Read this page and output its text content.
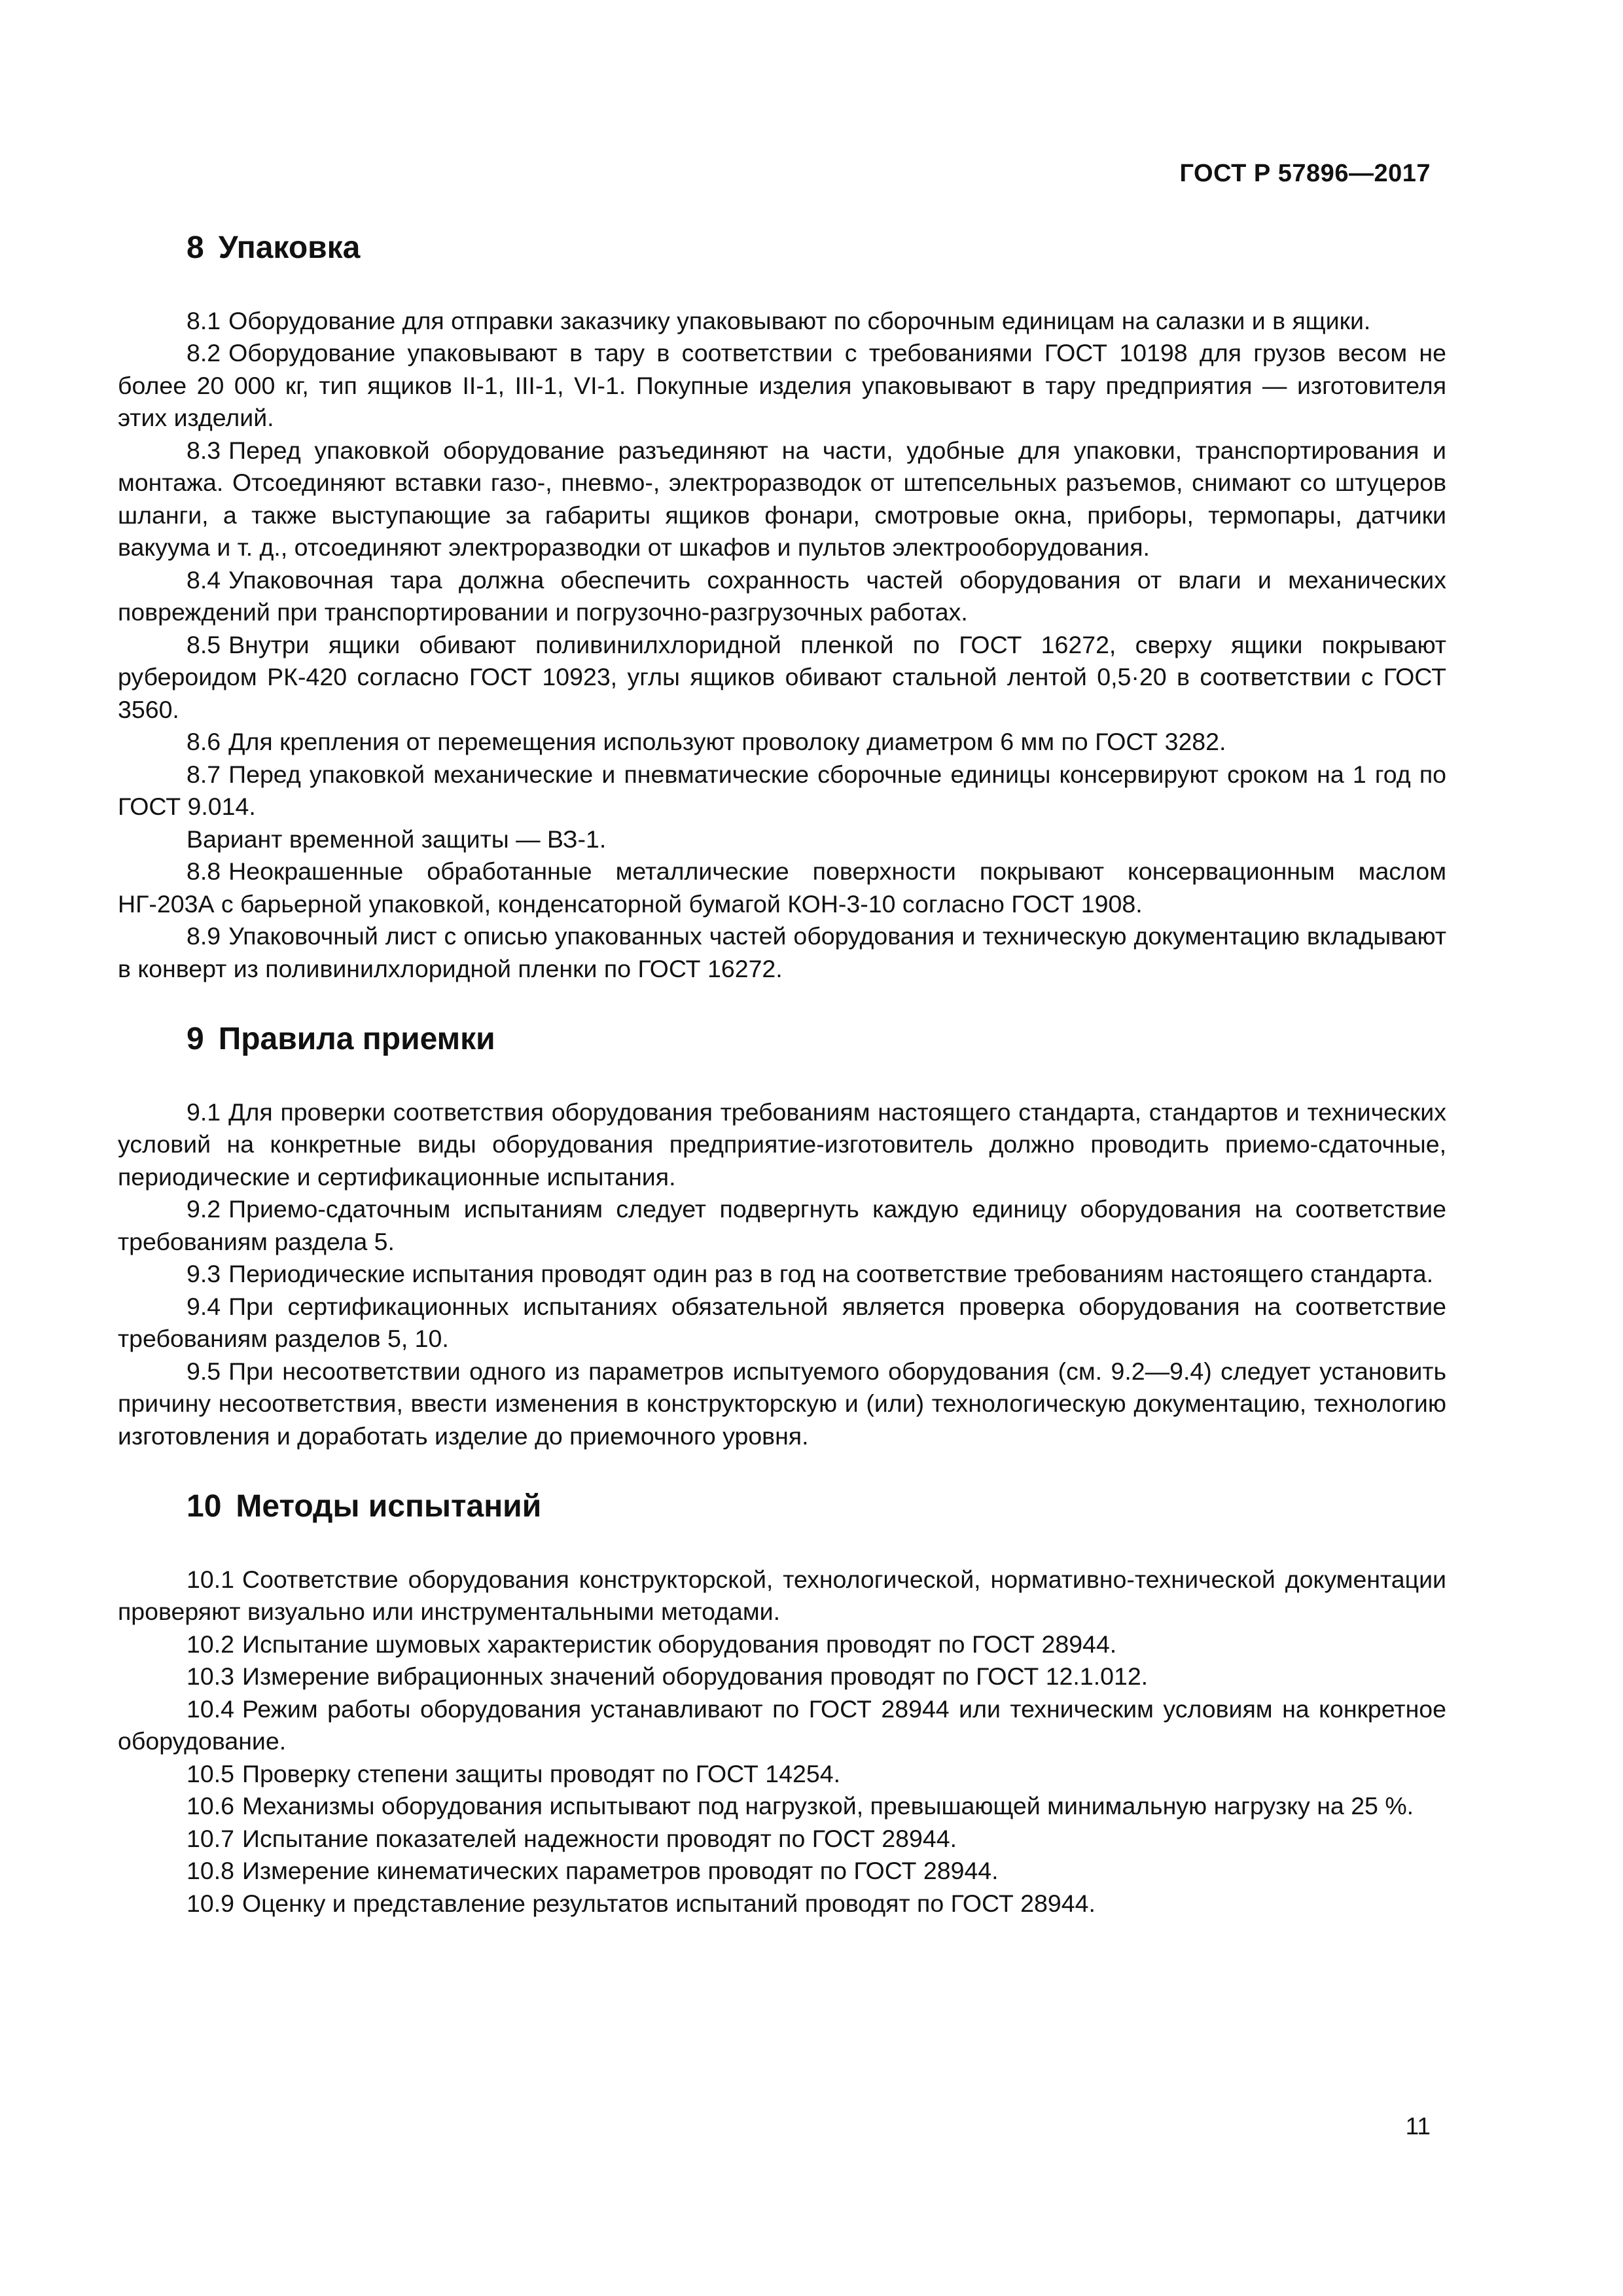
ГОСТ Р 57896—2017
8 Упаковка

8.1 Оборудование для отправки заказчику упаковывают по сборочным единицам на салазки и в ящики.

8.2 Оборудование упаковывают в тару в соответствии с требованиями ГОСТ 10198 для грузов весом не более 20 000 кг, тип ящиков II-1, III-1, VI-1. Покупные изделия упаковывают в тару предприятия — изготовителя этих изделий.

8.3 Перед упаковкой оборудование разъединяют на части, удобные для упаковки, транспортирования и монтажа. Отсоединяют вставки газо-, пневмо-, электроразводок от штепсельных разъемов, снимают со штуцеров шланги, а также выступающие за габариты ящиков фонари, смотровые окна, приборы, термопары, датчики вакуума и т. д., отсоединяют электроразводки от шкафов и пультов электрооборудования.

8.4 Упаковочная тара должна обеспечить сохранность частей оборудования от влаги и механических повреждений при транспортировании и погрузочно-разгрузочных работах.

8.5 Внутри ящики обивают поливинилхлоридной пленкой по ГОСТ 16272, сверху ящики покрывают рубероидом РК-420 согласно ГОСТ 10923, углы ящиков обивают стальной лентой 0,5·20 в соответствии с ГОСТ 3560.

8.6 Для крепления от перемещения используют проволоку диаметром 6 мм по ГОСТ 3282.

8.7 Перед упаковкой механические и пневматические сборочные единицы консервируют сроком на 1 год по ГОСТ 9.014.

Вариант временной защиты — ВЗ-1.

8.8 Неокрашенные обработанные металлические поверхности покрывают консервационным маслом НГ-203А с барьерной упаковкой, конденсаторной бумагой КОН-3-10 согласно ГОСТ 1908.

8.9 Упаковочный лист с описью упакованных частей оборудования и техническую документацию вкладывают в конверт из поливинилхлоридной пленки по ГОСТ 16272.

9 Правила приемки

9.1 Для проверки соответствия оборудования требованиям настоящего стандарта, стандартов и технических условий на конкретные виды оборудования предприятие-изготовитель должно проводить приемо-сдаточные, периодические и сертификационные испытания.

9.2 Приемо-сдаточным испытаниям следует подвергнуть каждую единицу оборудования на соответствие требованиям раздела 5.

9.3 Периодические испытания проводят один раз в год на соответствие требованиям настоящего стандарта.

9.4 При сертификационных испытаниях обязательной является проверка оборудования на соответствие требованиям разделов 5, 10.

9.5 При несоответствии одного из параметров испытуемого оборудования (см. 9.2—9.4) следует установить причину несоответствия, ввести изменения в конструкторскую и (или) технологическую документацию, технологию изготовления и доработать изделие до приемочного уровня.

10 Методы испытаний

10.1 Соответствие оборудования конструкторской, технологической, нормативно-технической документации проверяют визуально или инструментальными методами.

10.2 Испытание шумовых характеристик оборудования проводят по ГОСТ 28944.

10.3 Измерение вибрационных значений оборудования проводят по ГОСТ 12.1.012.

10.4 Режим работы оборудования устанавливают по ГОСТ 28944 или техническим условиям на конкретное оборудование.

10.5 Проверку степени защиты проводят по ГОСТ 14254.

10.6 Механизмы оборудования испытывают под нагрузкой, превышающей минимальную нагрузку на 25 %.

10.7 Испытание показателей надежности проводят по ГОСТ 28944.

10.8 Измерение кинематических параметров проводят по ГОСТ 28944.

10.9 Оценку и представление результатов испытаний проводят по ГОСТ 28944.

11
